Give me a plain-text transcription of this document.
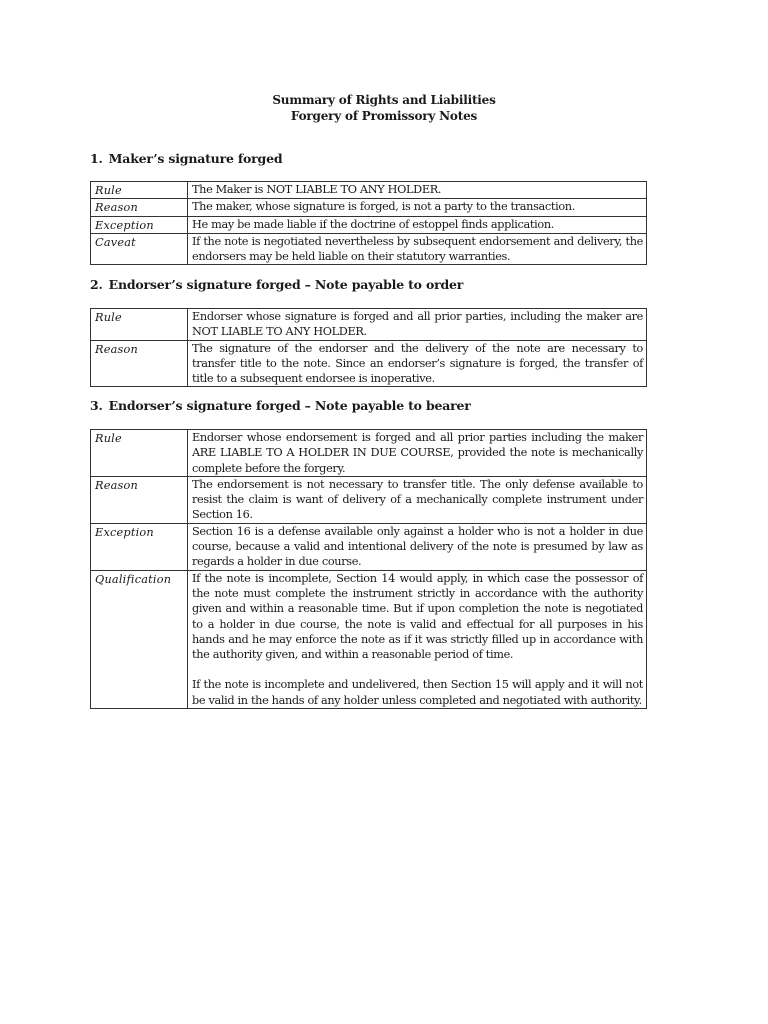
Summary of Rights and Liabilities
Forgery of Promissory Notes
1. Maker’s signature forged
Rule	The Maker is NOT LIABLE TO ANY HOLDER.

Reason	The maker, whose signature is forged, is not a party to the transaction.

Exception	He may be made liable if the doctrine of estoppel finds application.

Caveat	If the note is negotiated nevertheless by subsequent endorsement and delivery, the endorsers may be held liable on their statutory warranties.
2. Endorser’s signature forged – Note payable to order
Rule	Endorser whose signature is forged and all prior parties, including the maker are NOT LIABLE TO ANY HOLDER.

Reason	The signature of the endorser and the delivery of the note are necessary to transfer title to the note. Since an endorser’s signature is forged, the transfer of title to a subsequent endorsee is inoperative.
3. Endorser’s signature forged – Note payable to bearer
Rule	Endorser whose endorsement is forged and all prior parties including the maker ARE LIABLE TO A HOLDER IN DUE COURSE, provided the note is mechanically complete before the forgery.

Reason	The endorsement is not necessary to transfer title. The only defense available to resist the claim is want of delivery of a mechanically complete instrument under Section 16.

Exception	Section 16 is a defense available only against a holder who is not a holder in due course, because a valid and intentional delivery of the note is presumed by law as regards a holder in due course.

Qualification	If the note is incomplete, Section 14 would apply, in which case the possessor of the note must complete the instrument strictly in accordance with the authority given and within a reasonable time. But if upon completion the note is negotiated to a holder in due course, the note is valid and effectual for all purposes in his hands and he may enforce the note as if it was strictly filled up in accordance with the authority given, and within a reasonable period of time.
If the note is incomplete and undelivered, then Section 15 will apply and it will not be valid in the hands of any holder unless completed and negotiated with authority.
